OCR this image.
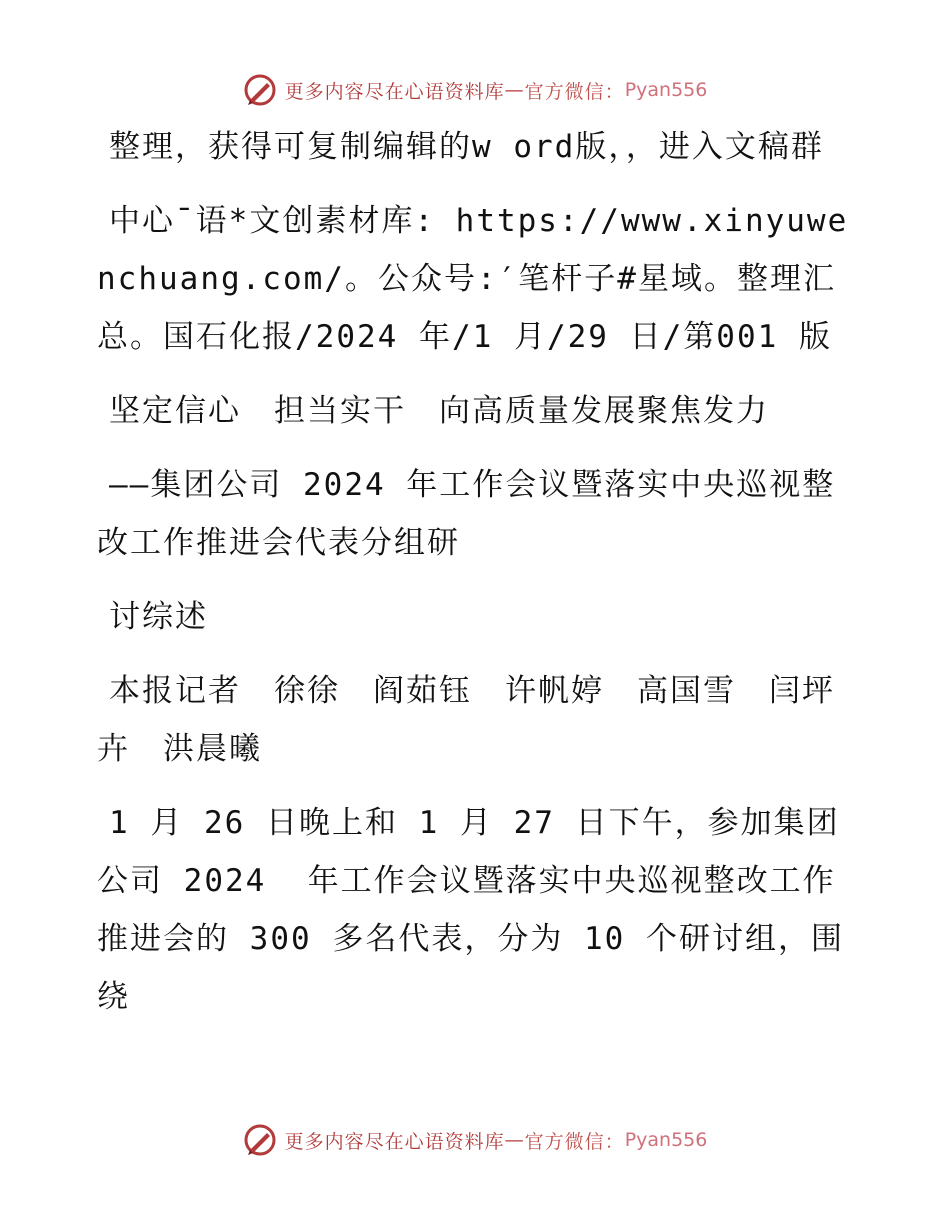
更多内容尽在心语资料库 — 官方微信： Pyan556

整理，获得可复制编辑的w ord版，，进入文稿群

中心¯语*文创素材库: https://www.xinyuwenchuang.com/。公众号:′笔杆子#星域。整理汇总。国石化报/2024 年/1 月/29 日/第001 版

坚定信心　担当实干　向高质量发展聚焦发力

——集团公司 2024 年工作会议暨落实中央巡视整改工作推进会代表分组研

讨综述

本报记者　徐徐　阎茹钰　许帆婷　高国雪　闫坪卉　洪晨曦

1 月 26 日晚上和 1 月 27 日下午，参加集团公司 2024  年工作会议暨落实中央巡视整改工作推进会的 300 多名代表，分为 10 个研讨组，围绕

更多内容尽在心语资料库 — 官方微信： Pyan556
